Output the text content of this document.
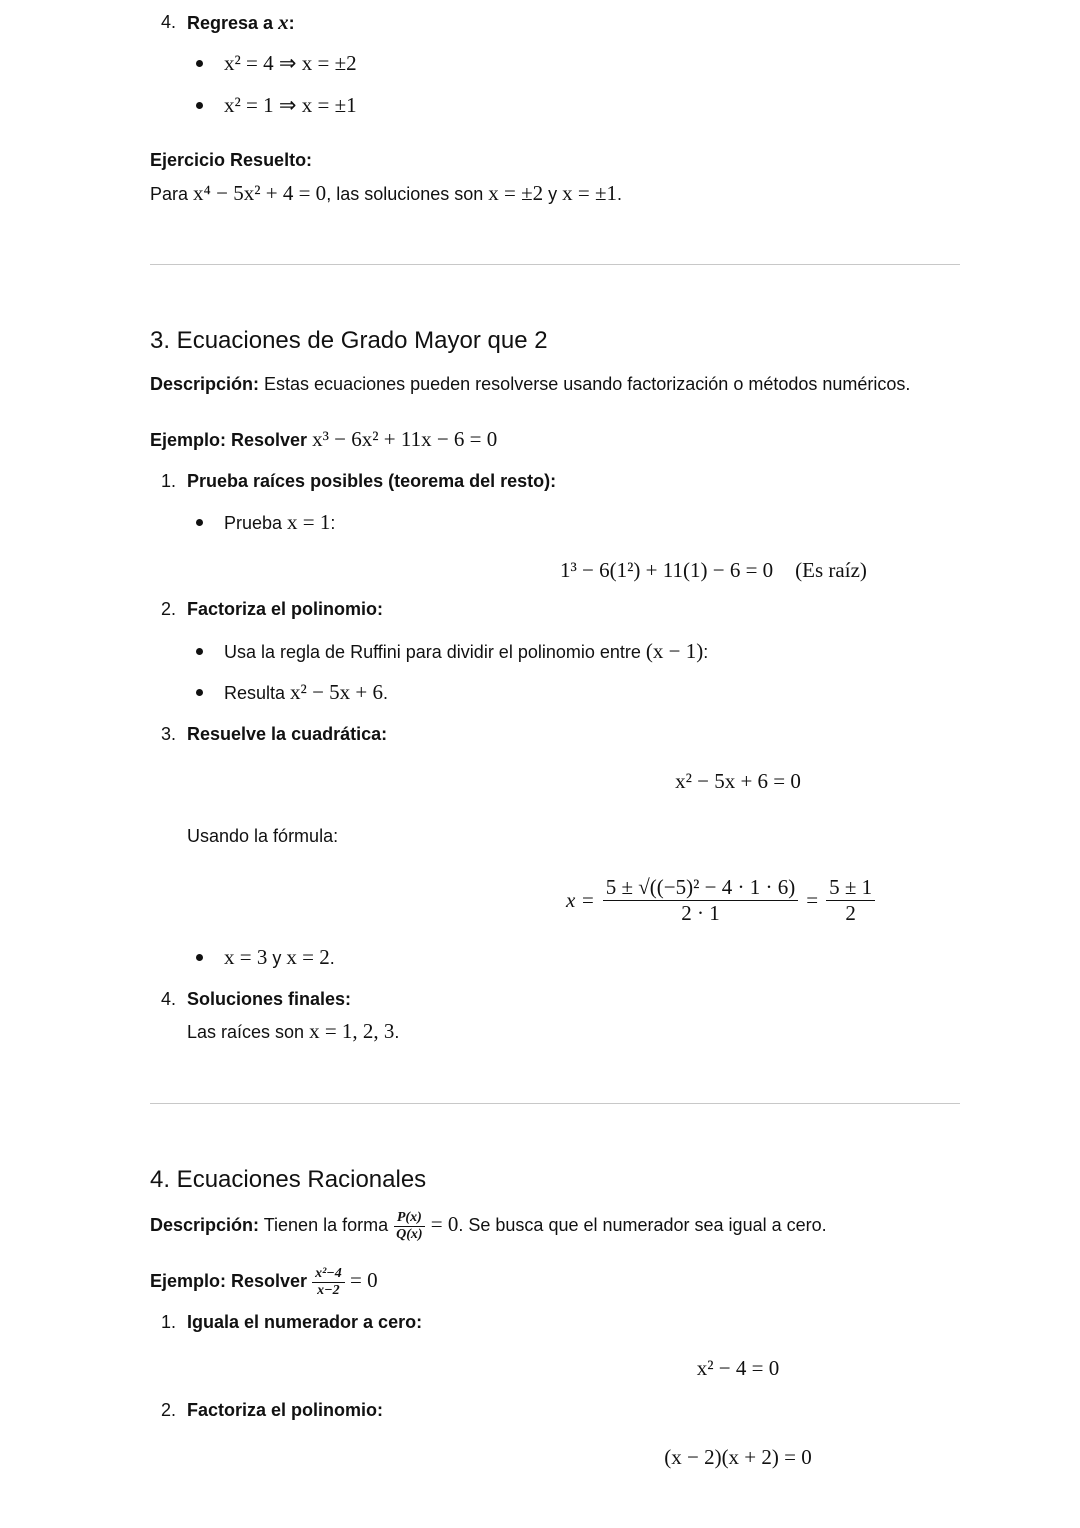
4. Regresa a x:
x² = 4 ⇒ x = ±2
x² = 1 ⇒ x = ±1
Ejercicio Resuelto:
Para x⁴ − 5x² + 4 = 0, las soluciones son x = ±2 y x = ±1.
3. Ecuaciones de Grado Mayor que 2
Descripción: Estas ecuaciones pueden resolverse usando factorización o métodos numéricos.
Ejemplo: Resolver x³ − 6x² + 11x − 6 = 0
1. Prueba raíces posibles (teorema del resto):
Prueba x = 1:
1³ − 6(1²) + 11(1) − 6 = 0 (Es raíz)
2. Factoriza el polinomio:
Usa la regla de Ruffini para dividir el polinomio entre (x − 1):
Resulta x² − 5x + 6.
3. Resuelve la cuadrática:
x² − 5x + 6 = 0
Usando la fórmula:
$x = \frac{\text{5 ± √((−5)² − 4 · 1 · 6)}}{2 \cdot 1} = \frac{5 \pm 1}{2}$
x = 3 y x = 2.
4. Soluciones finales:
Las raíces son x = 1, 2, 3.
4. Ecuaciones Racionales
Descripción: Tienen la forma $\frac{P(x)}{Q(x)} = 0$. Se busca que el numerador sea igual a cero.
Ejemplo: Resolver $\frac{\text{x²−4}}{x-2} = 0$
1. Iguala el numerador a cero:
x² − 4 = 0
2. Factoriza el polinomio:
(x − 2)(x + 2) = 0
